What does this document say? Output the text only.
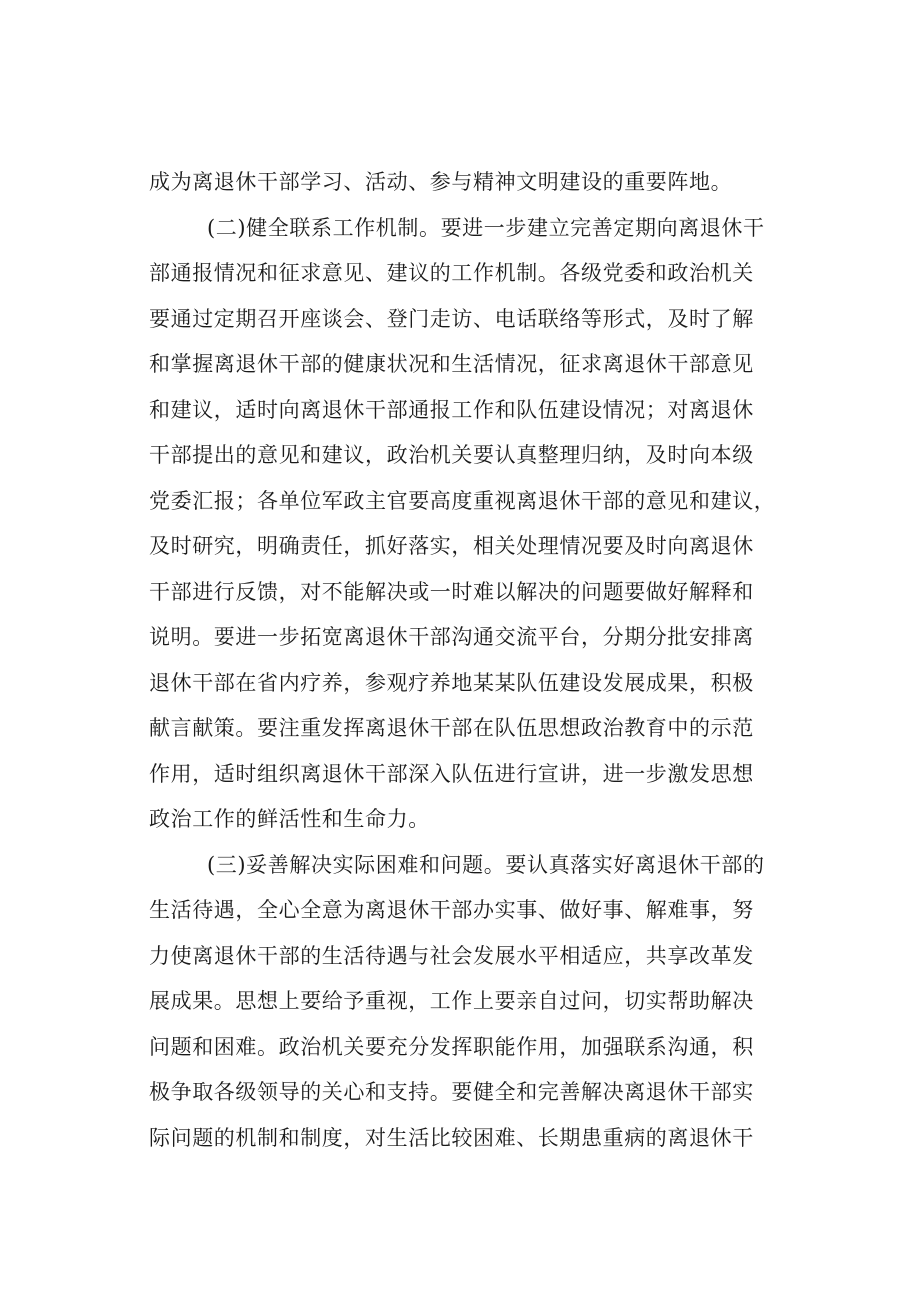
成为离退休干部学习、活动、参与精神文明建设的重要阵地。
(二)健全联系工作机制。要进一步建立完善定期向离退休干
部通报情况和征求意见、建议的工作机制。各级党委和政治机关
要通过定期召开座谈会、登门走访、电话联络等形式，及时了解
和掌握离退休干部的健康状况和生活情况，征求离退休干部意见
和建议，适时向离退休干部通报工作和队伍建设情况；对离退休
干部提出的意见和建议，政治机关要认真整理归纳，及时向本级
党委汇报；各单位军政主官要高度重视离退休干部的意见和建议，
及时研究，明确责任，抓好落实，相关处理情况要及时向离退休
干部进行反馈，对不能解决或一时难以解决的问题要做好解释和
说明。要进一步拓宽离退休干部沟通交流平台，分期分批安排离
退休干部在省内疗养，参观疗养地某某队伍建设发展成果，积极
献言献策。要注重发挥离退休干部在队伍思想政治教育中的示范
作用，适时组织离退休干部深入队伍进行宣讲，进一步激发思想
政治工作的鲜活性和生命力。
(三)妥善解决实际困难和问题。要认真落实好离退休干部的
生活待遇，全心全意为离退休干部办实事、做好事、解难事，努
力使离退休干部的生活待遇与社会发展水平相适应，共享改革发
展成果。思想上要给予重视，工作上要亲自过问，切实帮助解决
问题和困难。政治机关要充分发挥职能作用，加强联系沟通，积
极争取各级领导的关心和支持。要健全和完善解决离退休干部实
际问题的机制和制度，对生活比较困难、长期患重病的离退休干
